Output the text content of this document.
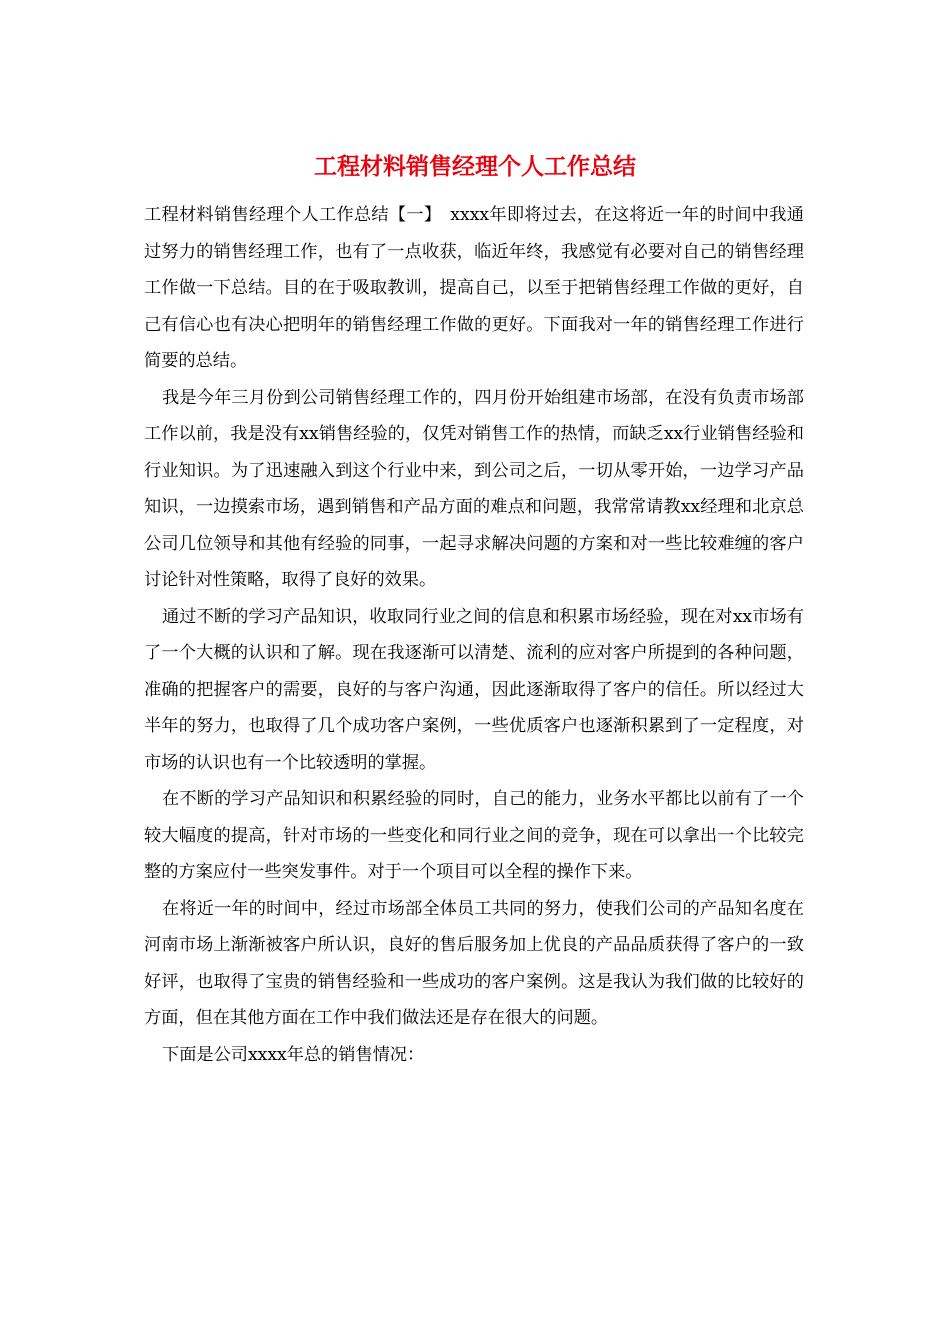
工程材料销售经理个人工作总结

工程材料销售经理个人工作总结【一】　xxxx年即将过去，在这将近一年的时间中我通过努力的销售经理工作，也有了一点收获，临近年终，我感觉有必要对自己的销售经理工作做一下总结。目的在于吸取教训，提高自己，以至于把销售经理工作做的更好，自己有信心也有决心把明年的销售经理工作做的更好。下面我对一年的销售经理工作进行简要的总结。

我是今年三月份到公司销售经理工作的，四月份开始组建市场部，在没有负责市场部工作以前，我是没有xx销售经验的，仅凭对销售工作的热情，而缺乏xx行业销售经验和行业知识。为了迅速融入到这个行业中来，到公司之后，一切从零开始，一边学习产品知识，一边摸索市场，遇到销售和产品方面的难点和问题，我常常请教xx经理和北京总公司几位领导和其他有经验的同事，一起寻求解决问题的方案和对一些比较难缠的客户讨论针对性策略，取得了良好的效果。

通过不断的学习产品知识，收取同行业之间的信息和积累市场经验，现在对xx市场有了一个大概的认识和了解。现在我逐渐可以清楚、流利的应对客户所提到的各种问题，准确的把握客户的需要，良好的与客户沟通，因此逐渐取得了客户的信任。所以经过大半年的努力，也取得了几个成功客户案例，一些优质客户也逐渐积累到了一定程度，对市场的认识也有一个比较透明的掌握。

在不断的学习产品知识和积累经验的同时，自己的能力，业务水平都比以前有了一个较大幅度的提高，针对市场的一些变化和同行业之间的竞争，现在可以拿出一个比较完整的方案应付一些突发事件。对于一个项目可以全程的操作下来。

在将近一年的时间中，经过市场部全体员工共同的努力，使我们公司的产品知名度在河南市场上渐渐被客户所认识，良好的售后服务加上优良的产品品质获得了客户的一致好评，也取得了宝贵的销售经验和一些成功的客户案例。这是我认为我们做的比较好的方面，但在其他方面在工作中我们做法还是存在很大的问题。

下面是公司xxxx年总的销售情况：
